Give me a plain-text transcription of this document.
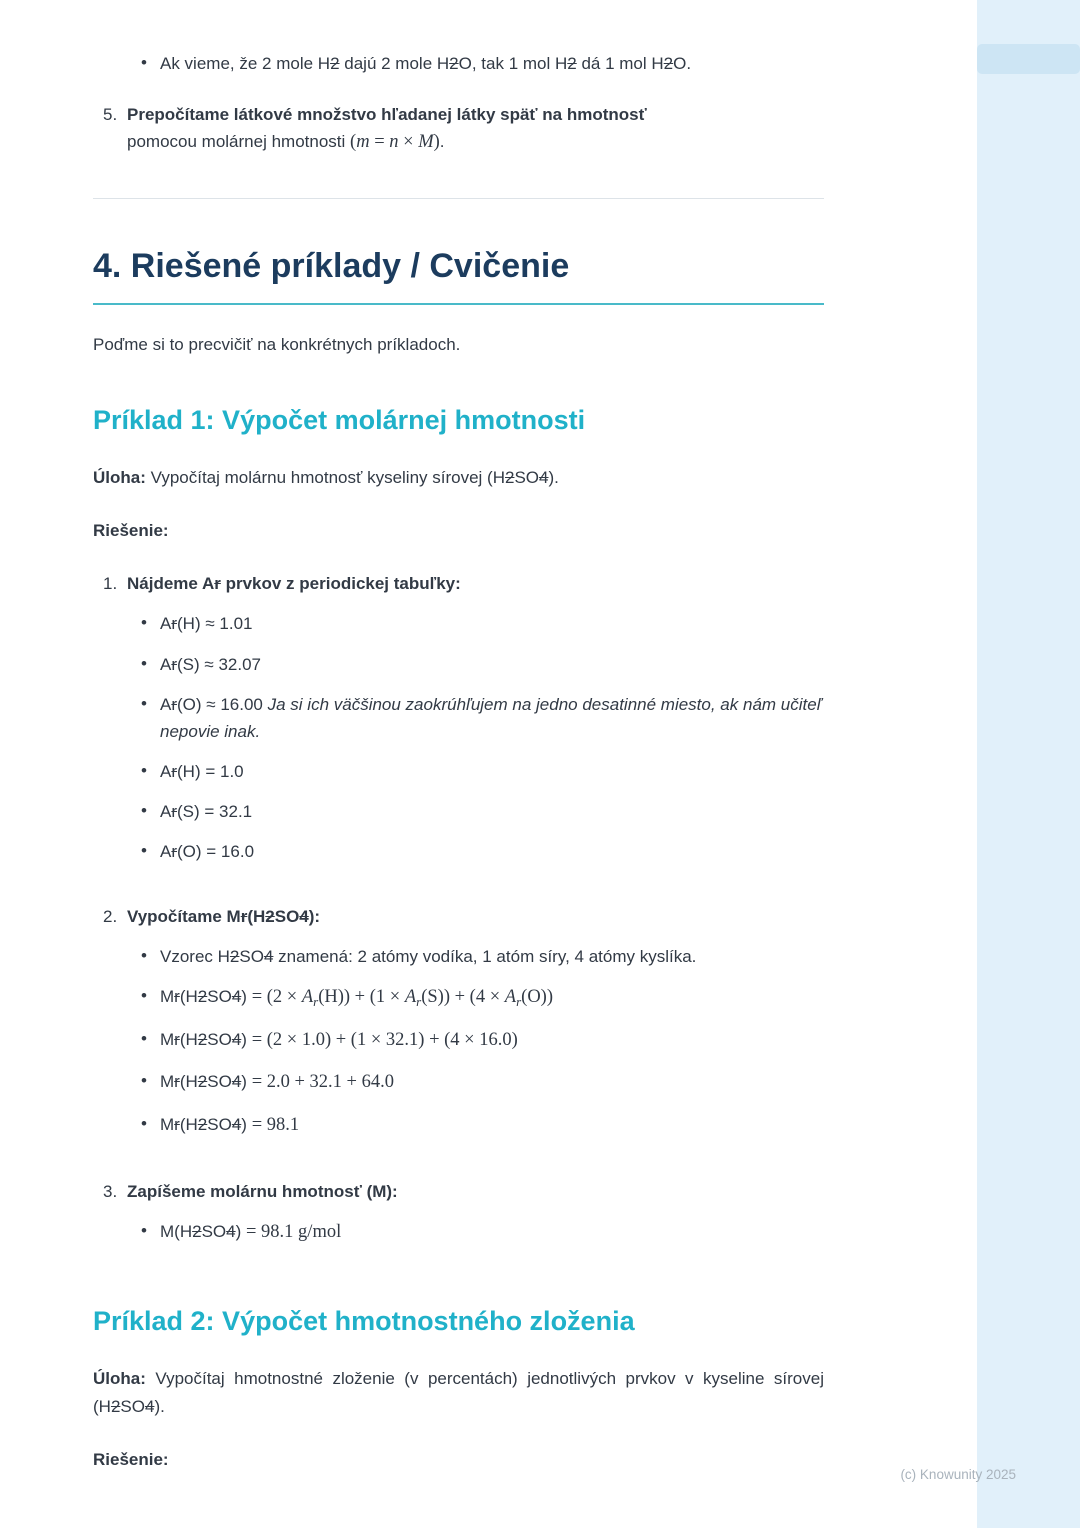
• Ak vieme, že 2 mole H2 dajú 2 mole H2O, tak 1 mol H2 dá 1 mol H2O.
5. Prepočítame látkové množstvo hľadanej látky späť na hmotnosť
pomocou molárnej hmotnosti (m = n × M).
4. Riešené príklady / Cvičenie

Poďme si to precvičiť na konkrétnych príkladoch.

Príklad 1: Výpočet molárnej hmotnosti

Úloha: Vypočítaj molárnu hmotnosť kyseliny sírovej (H2SO4).

Riešenie:

1. Nájdeme Ar prvkov z periodickej tabuľky:
• Ar(H) ≈ 1.01
• Ar(S) ≈ 32.07
• Ar(O) ≈ 16.00 Ja si ich väčšinou zaokrúhľujem na jedno desatinné miesto, ak nám učiteľ nepovie inak.
• Ar(H) = 1.0
• Ar(S) = 32.1
• Ar(O) = 16.0
2. Vypočítame Mr(H2SO4):
• Vzorec H2SO4 znamená: 2 atómy vodíka, 1 atóm síry, 4 atómy kyslíka.
• $Mr(H2SO4) = (2 \times A_r(H)) + (1 \times A_r(S)) + (4 \times A_r(O))$
• Mr(H2SO4) = (2 × 1.0) + (1 × 32.1) + (4 × 16.0)
• Mr(H2SO4) = 2.0 + 32.1 + 64.0
• Mr(H2SO4) = 98.1
3. Zapíšeme molárnu hmotnosť (M):
• M(H2SO4) = 98.1 g/mol
Príklad 2: Výpočet hmotnostného zloženia

Úloha: Vypočítaj hmotnostné zloženie (v percentách) jednotlivých prvkov v kyseline sírovej (H2SO4).

Riešenie:

(c) Knowunity 2025
